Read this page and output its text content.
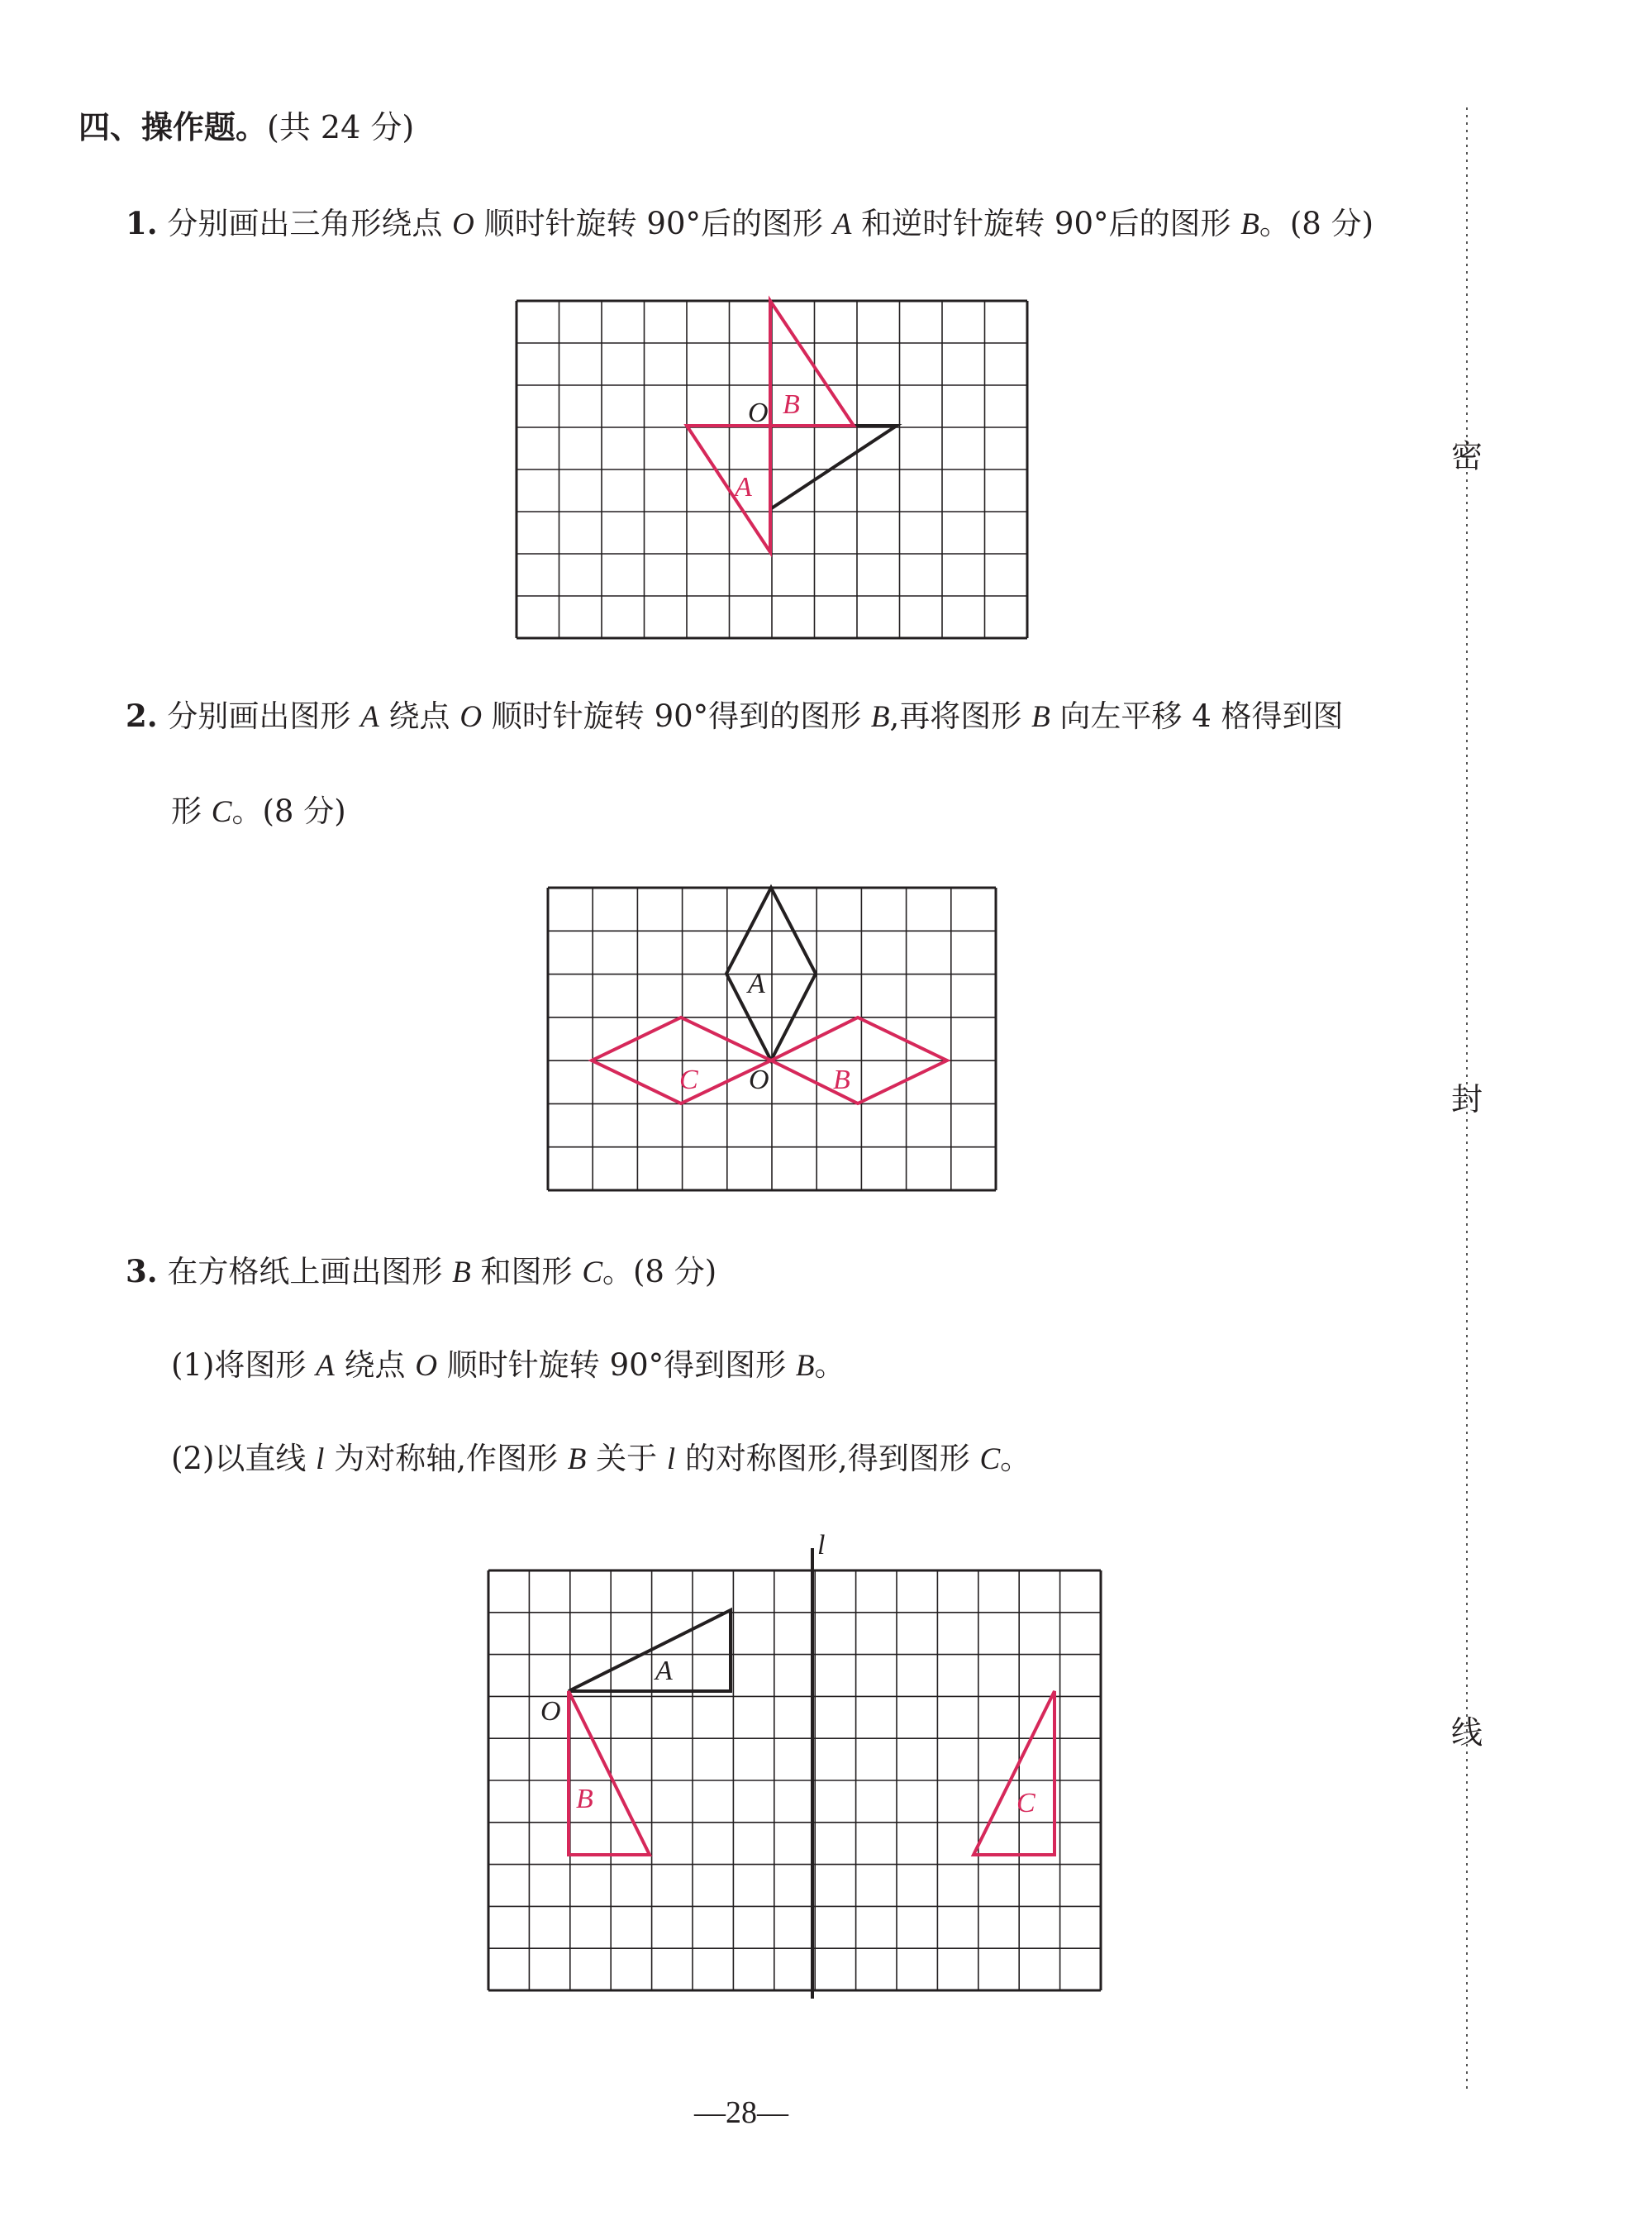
四、操作题。(共 24 分)
1. 分别画出三角形绕点 O 顺时针旋转 90°后的图形 A 和逆时针旋转 90°后的图形 B。(8 分)
2. 分别画出图形 A 绕点 O 顺时针旋转 90°得到的图形 B,再将图形 B 向左平移 4 格得到图
形 C。(8 分)
3. 在方格纸上画出图形 B 和图形 C。(8 分)
(1)将图形 A 绕点 O 顺时针旋转 90°得到图形 B。
(2)以直线 l 为对称轴,作图形 B 关于 l 的对称图形,得到图形 C。
密
封
线
O B
A
A
O B
C
l
A
O
B	C
—28—
